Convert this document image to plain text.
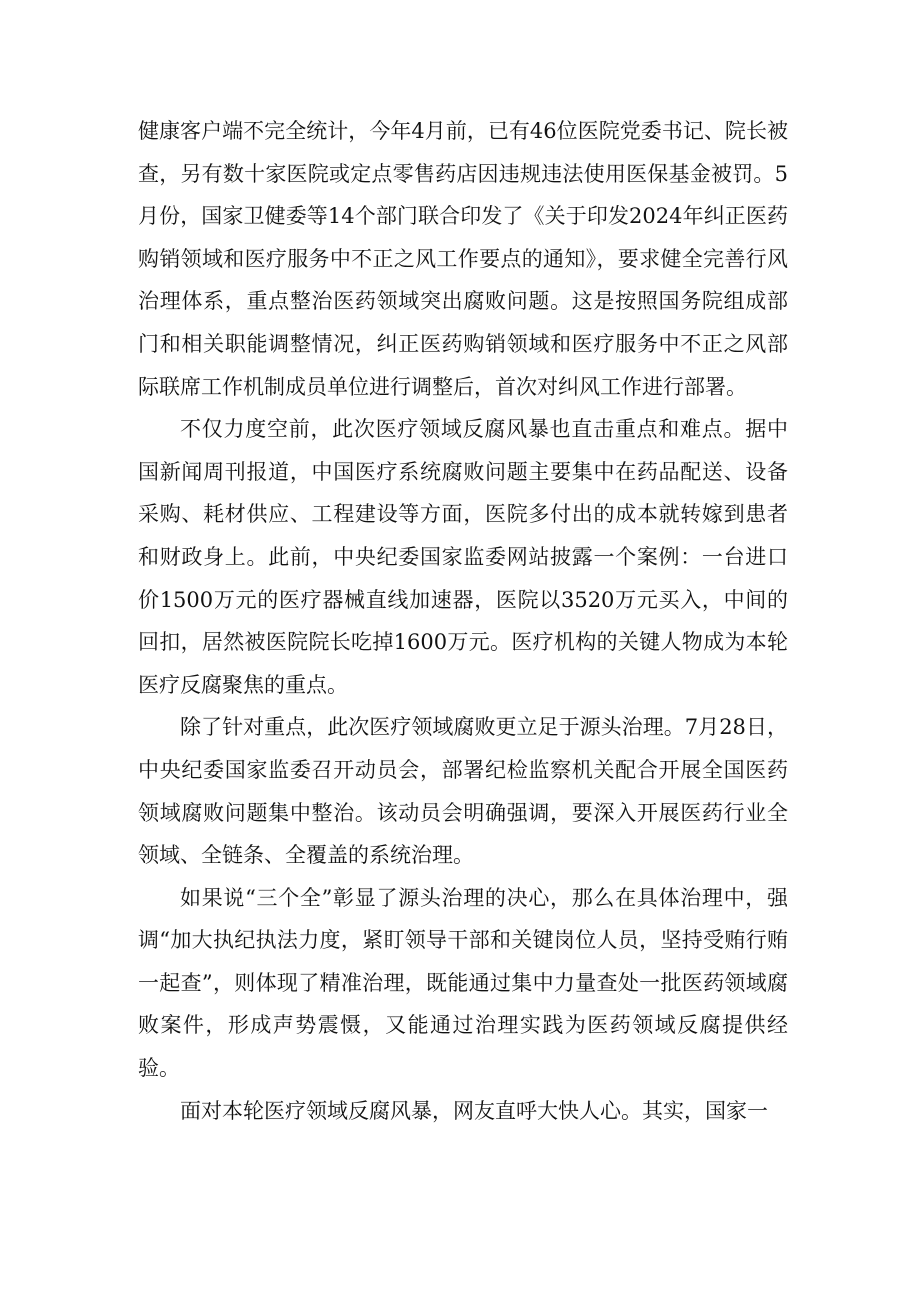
健康客户端不完全统计，今年4月前，已有46位医院党委书记、院长被查，另有数十家医院或定点零售药店因违规违法使用医保基金被罚。5月份，国家卫健委等14个部门联合印发了《关于印发2024年纠正医药购销领域和医疗服务中不正之风工作要点的通知》，要求健全完善行风治理体系，重点整治医药领域突出腐败问题。这是按照国务院组成部门和相关职能调整情况，纠正医药购销领域和医疗服务中不正之风部际联席工作机制成员单位进行调整后，首次对纠风工作进行部署。

不仅力度空前，此次医疗领域反腐风暴也直击重点和难点。据中国新闻周刊报道，中国医疗系统腐败问题主要集中在药品配送、设备采购、耗材供应、工程建设等方面，医院多付出的成本就转嫁到患者和财政身上。此前，中央纪委国家监委网站披露一个案例：一台进口价1500万元的医疗器械直线加速器，医院以3520万元买入，中间的回扣，居然被医院院长吃掉1600万元。医疗机构的关键人物成为本轮医疗反腐聚焦的重点。

除了针对重点，此次医疗领域腐败更立足于源头治理。7月28日，中央纪委国家监委召开动员会，部署纪检监察机关配合开展全国医药领域腐败问题集中整治。该动员会明确强调，要深入开展医药行业全领域、全链条、全覆盖的系统治理。

如果说“三个全”彰显了源头治理的决心，那么在具体治理中，强调“加大执纪执法力度，紧盯领导干部和关键岗位人员，坚持受贿行贿一起查”，则体现了精准治理，既能通过集中力量查处一批医药领域腐败案件，形成声势震慑，又能通过治理实践为医药领域反腐提供经验。

面对本轮医疗领域反腐风暴，网友直呼大快人心。其实，国家一
